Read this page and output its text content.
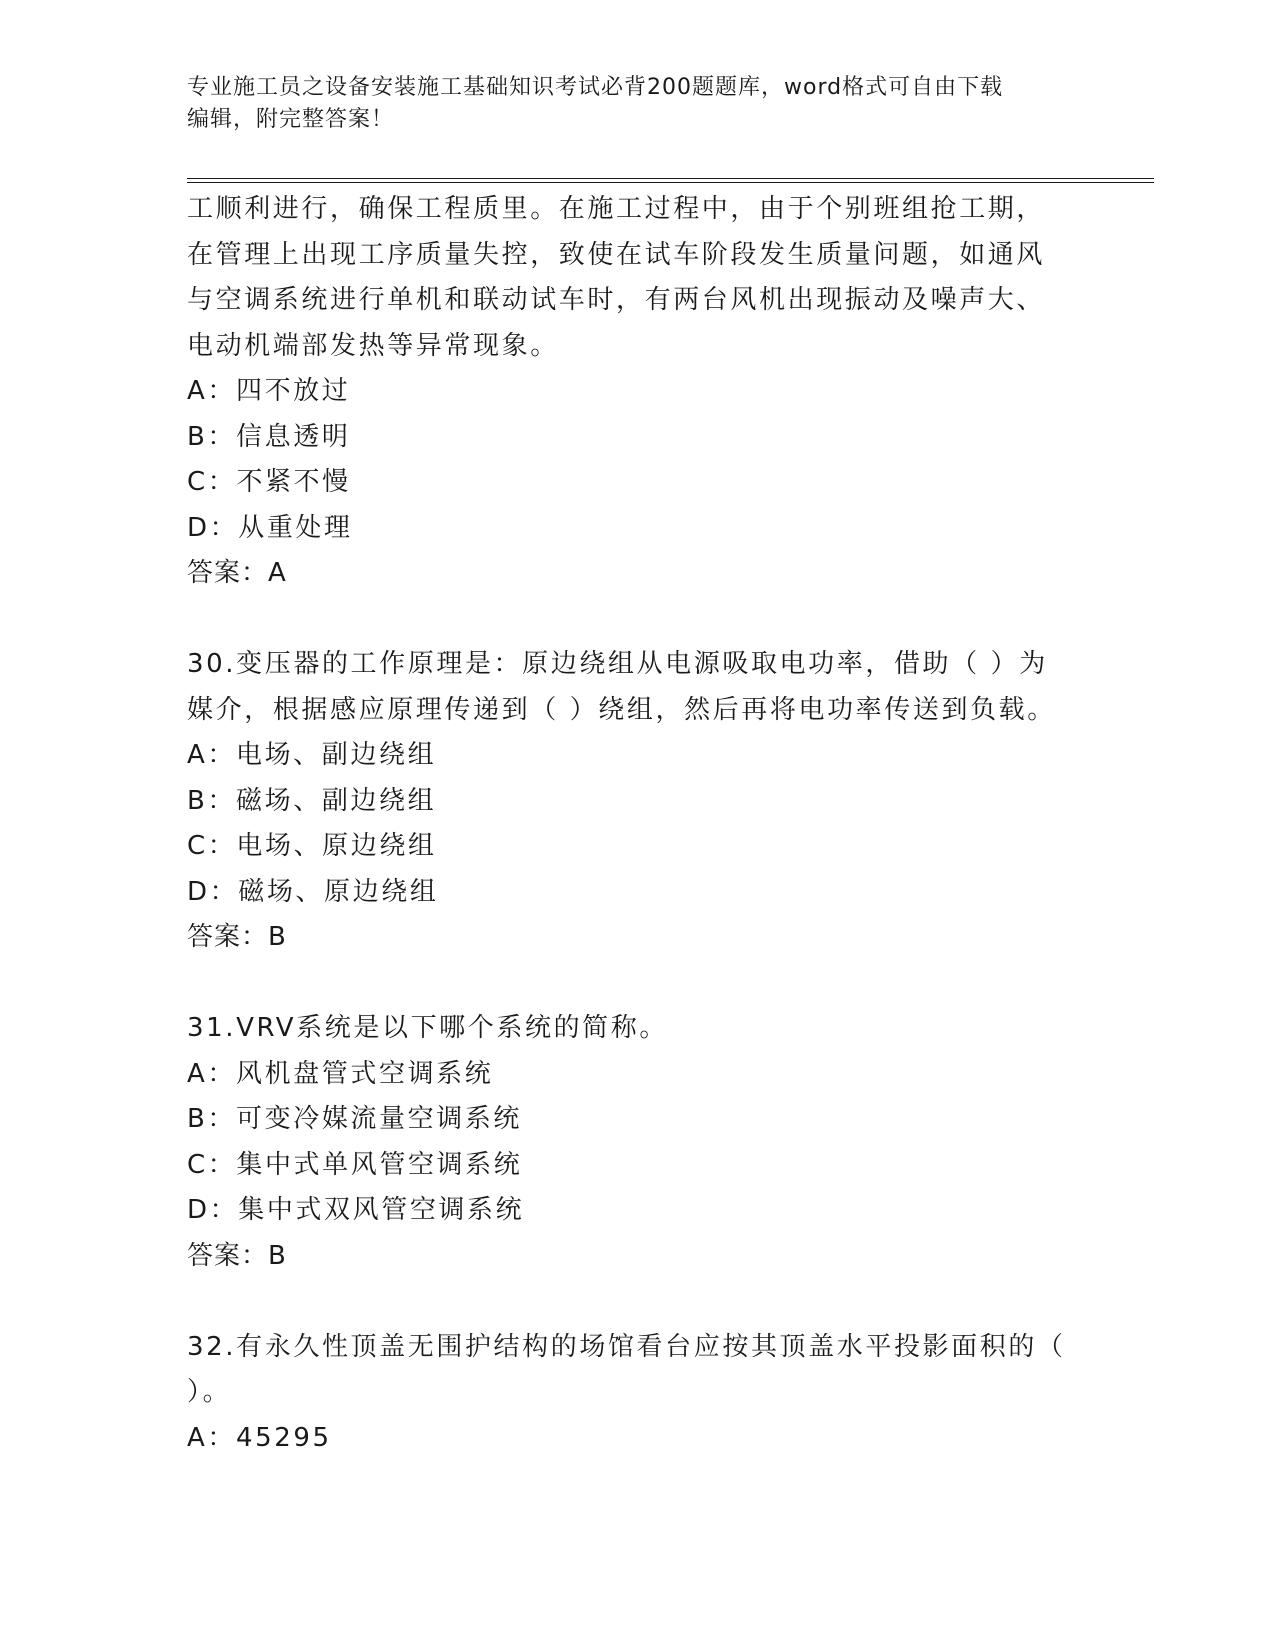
专业施工员之设备安装施工基础知识考试必背200题题库，word格式可自由下载
编辑，附完整答案！

工顺利进行，确保工程质里。在施工过程中，由于个别班组抢工期，

在管理上出现工序质量失控，致使在试车阶段发生质量问题，如通风

与空调系统进行单机和联动试车时，有两台风机出现振动及噪声大、

电动机端部发热等异常现象。

A：四不放过

B：信息透明

C：不紧不慢

D：从重处理

答案：A

30.变压器的工作原理是：原边绕组从电源吸取电功率，借助（ ）为

媒介，根据感应原理传递到（ ）绕组，然后再将电功率传送到负载。

A：电场、副边绕组

B：磁场、副边绕组

C：电场、原边绕组

D：磁场、原边绕组

答案：B

31.VRV系统是以下哪个系统的简称。

A：风机盘管式空调系统

B：可变冷媒流量空调系统

C：集中式单风管空调系统

D：集中式双风管空调系统

答案：B

32.有永久性顶盖无围护结构的场馆看台应按其顶盖水平投影面积的（

）。

A：45295
